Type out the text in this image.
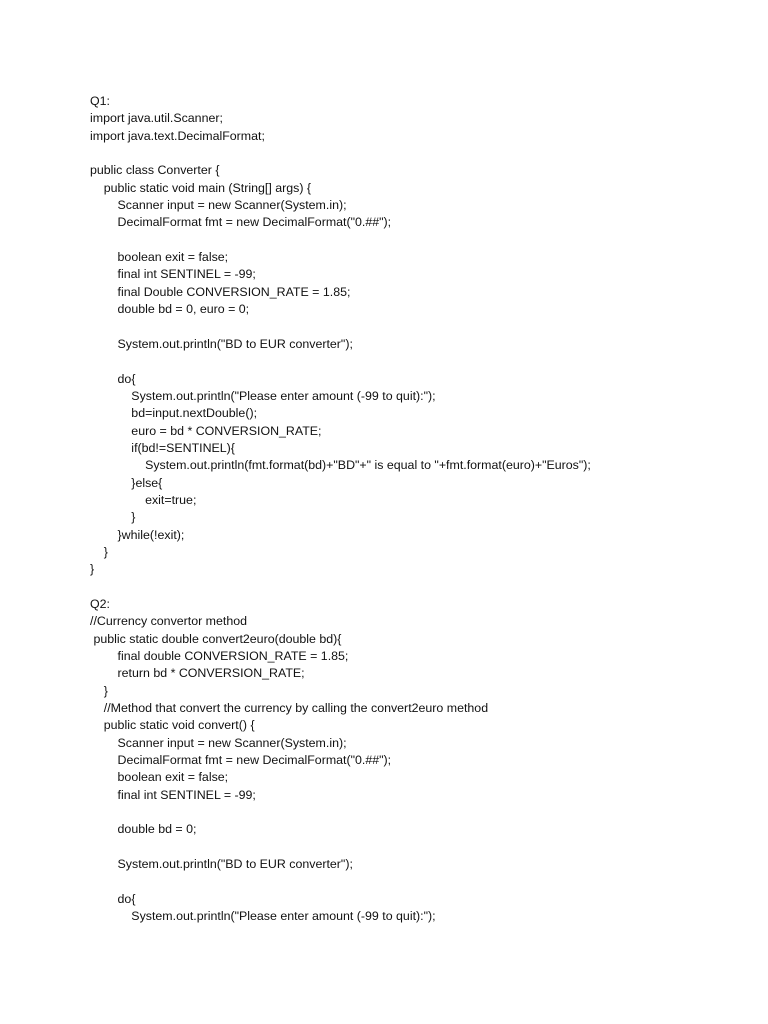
Q1:
import java.util.Scanner;
import java.text.DecimalFormat;
public class Converter {
public static void main (String[] args) {
Scanner input = new Scanner(System.in);
DecimalFormat fmt = new DecimalFormat("0.##");
boolean exit = false;
final int SENTINEL = -99;
final Double CONVERSION_RATE = 1.85;
double bd = 0, euro = 0;
System.out.println("BD to EUR converter");
do{
System.out.println("Please enter amount (-99 to quit):");
bd=input.nextDouble();
euro = bd * CONVERSION_RATE;
if(bd!=SENTINEL){
System.out.println(fmt.format(bd)+"BD"+" is equal to "+fmt.format(euro)+"Euros");
}else{
exit=true;
}
}while(!exit);
}
}
Q2:
//Currency convertor method
public static double convert2euro(double bd){
final double CONVERSION_RATE = 1.85;
return bd * CONVERSION_RATE;
}
//Method that convert the currency by calling the convert2euro method
public static void convert() {
Scanner input = new Scanner(System.in);
DecimalFormat fmt = new DecimalFormat("0.##");
boolean exit = false;
final int SENTINEL = -99;
double bd = 0;
System.out.println("BD to EUR converter");
do{
System.out.println("Please enter amount (-99 to quit):");
